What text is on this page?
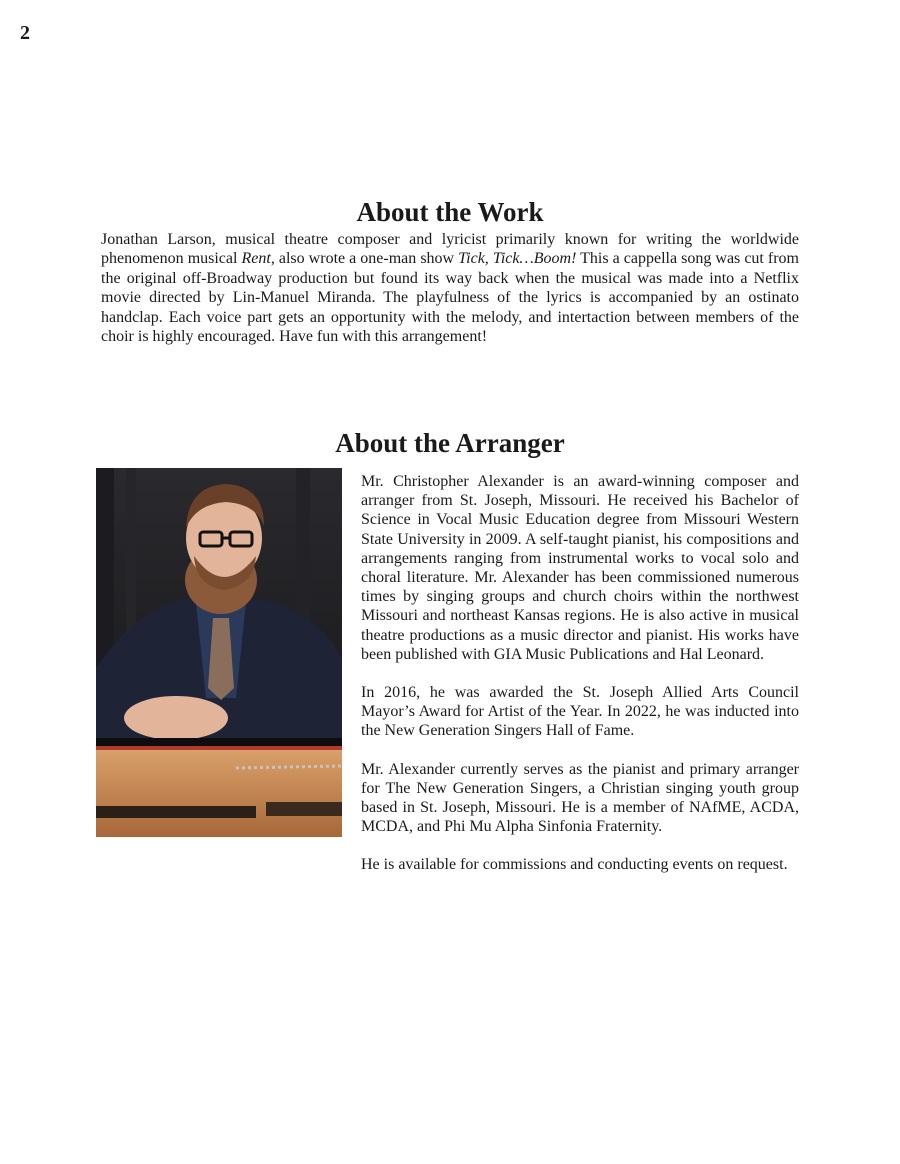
2
About the Work

Jonathan Larson, musical theatre composer and lyricist primarily known for writing the worldwide phenomenon musical Rent, also wrote a one-man show Tick, Tick…Boom! This a cappella song was cut from the original off-Broadway production but found its way back when the musical was made into a Netflix movie directed by Lin-Manuel Miranda. The playfulness of the lyrics is accompanied by an ostinato handclap. Each voice part gets an opportunity with the melody, and intertaction between members of the choir is highly encouraged. Have fun with this arrangement!

About the Arranger

Mr. Christopher Alexander is an award-winning composer and arranger from St. Joseph, Missouri. He received his Bachelor of Science in Vocal Music Education degree from Missouri Western State University in 2009. A self-taught pianist, his compositions and arrangements ranging from instrumental works to vocal solo and choral literature. Mr. Alexander has been commissioned numerous times by singing groups and church choirs within the northwest Missouri and northeast Kansas regions. He is also active in musical theatre productions as a music director and pianist. His works have been published with GIA Music Publications and Hal Leonard.

In 2016, he was awarded the St. Joseph Allied Arts Council Mayor’s Award for Artist of the Year. In 2022, he was inducted into the New Generation Singers Hall of Fame.

Mr. Alexander currently serves as the pianist and primary arranger for The New Generation Singers, a Christian singing youth group based in St. Joseph, Missouri. He is a member of NAfME, ACDA, MCDA, and Phi Mu Alpha Sinfonia Fraternity.

He is available for commissions and conducting events on request.
